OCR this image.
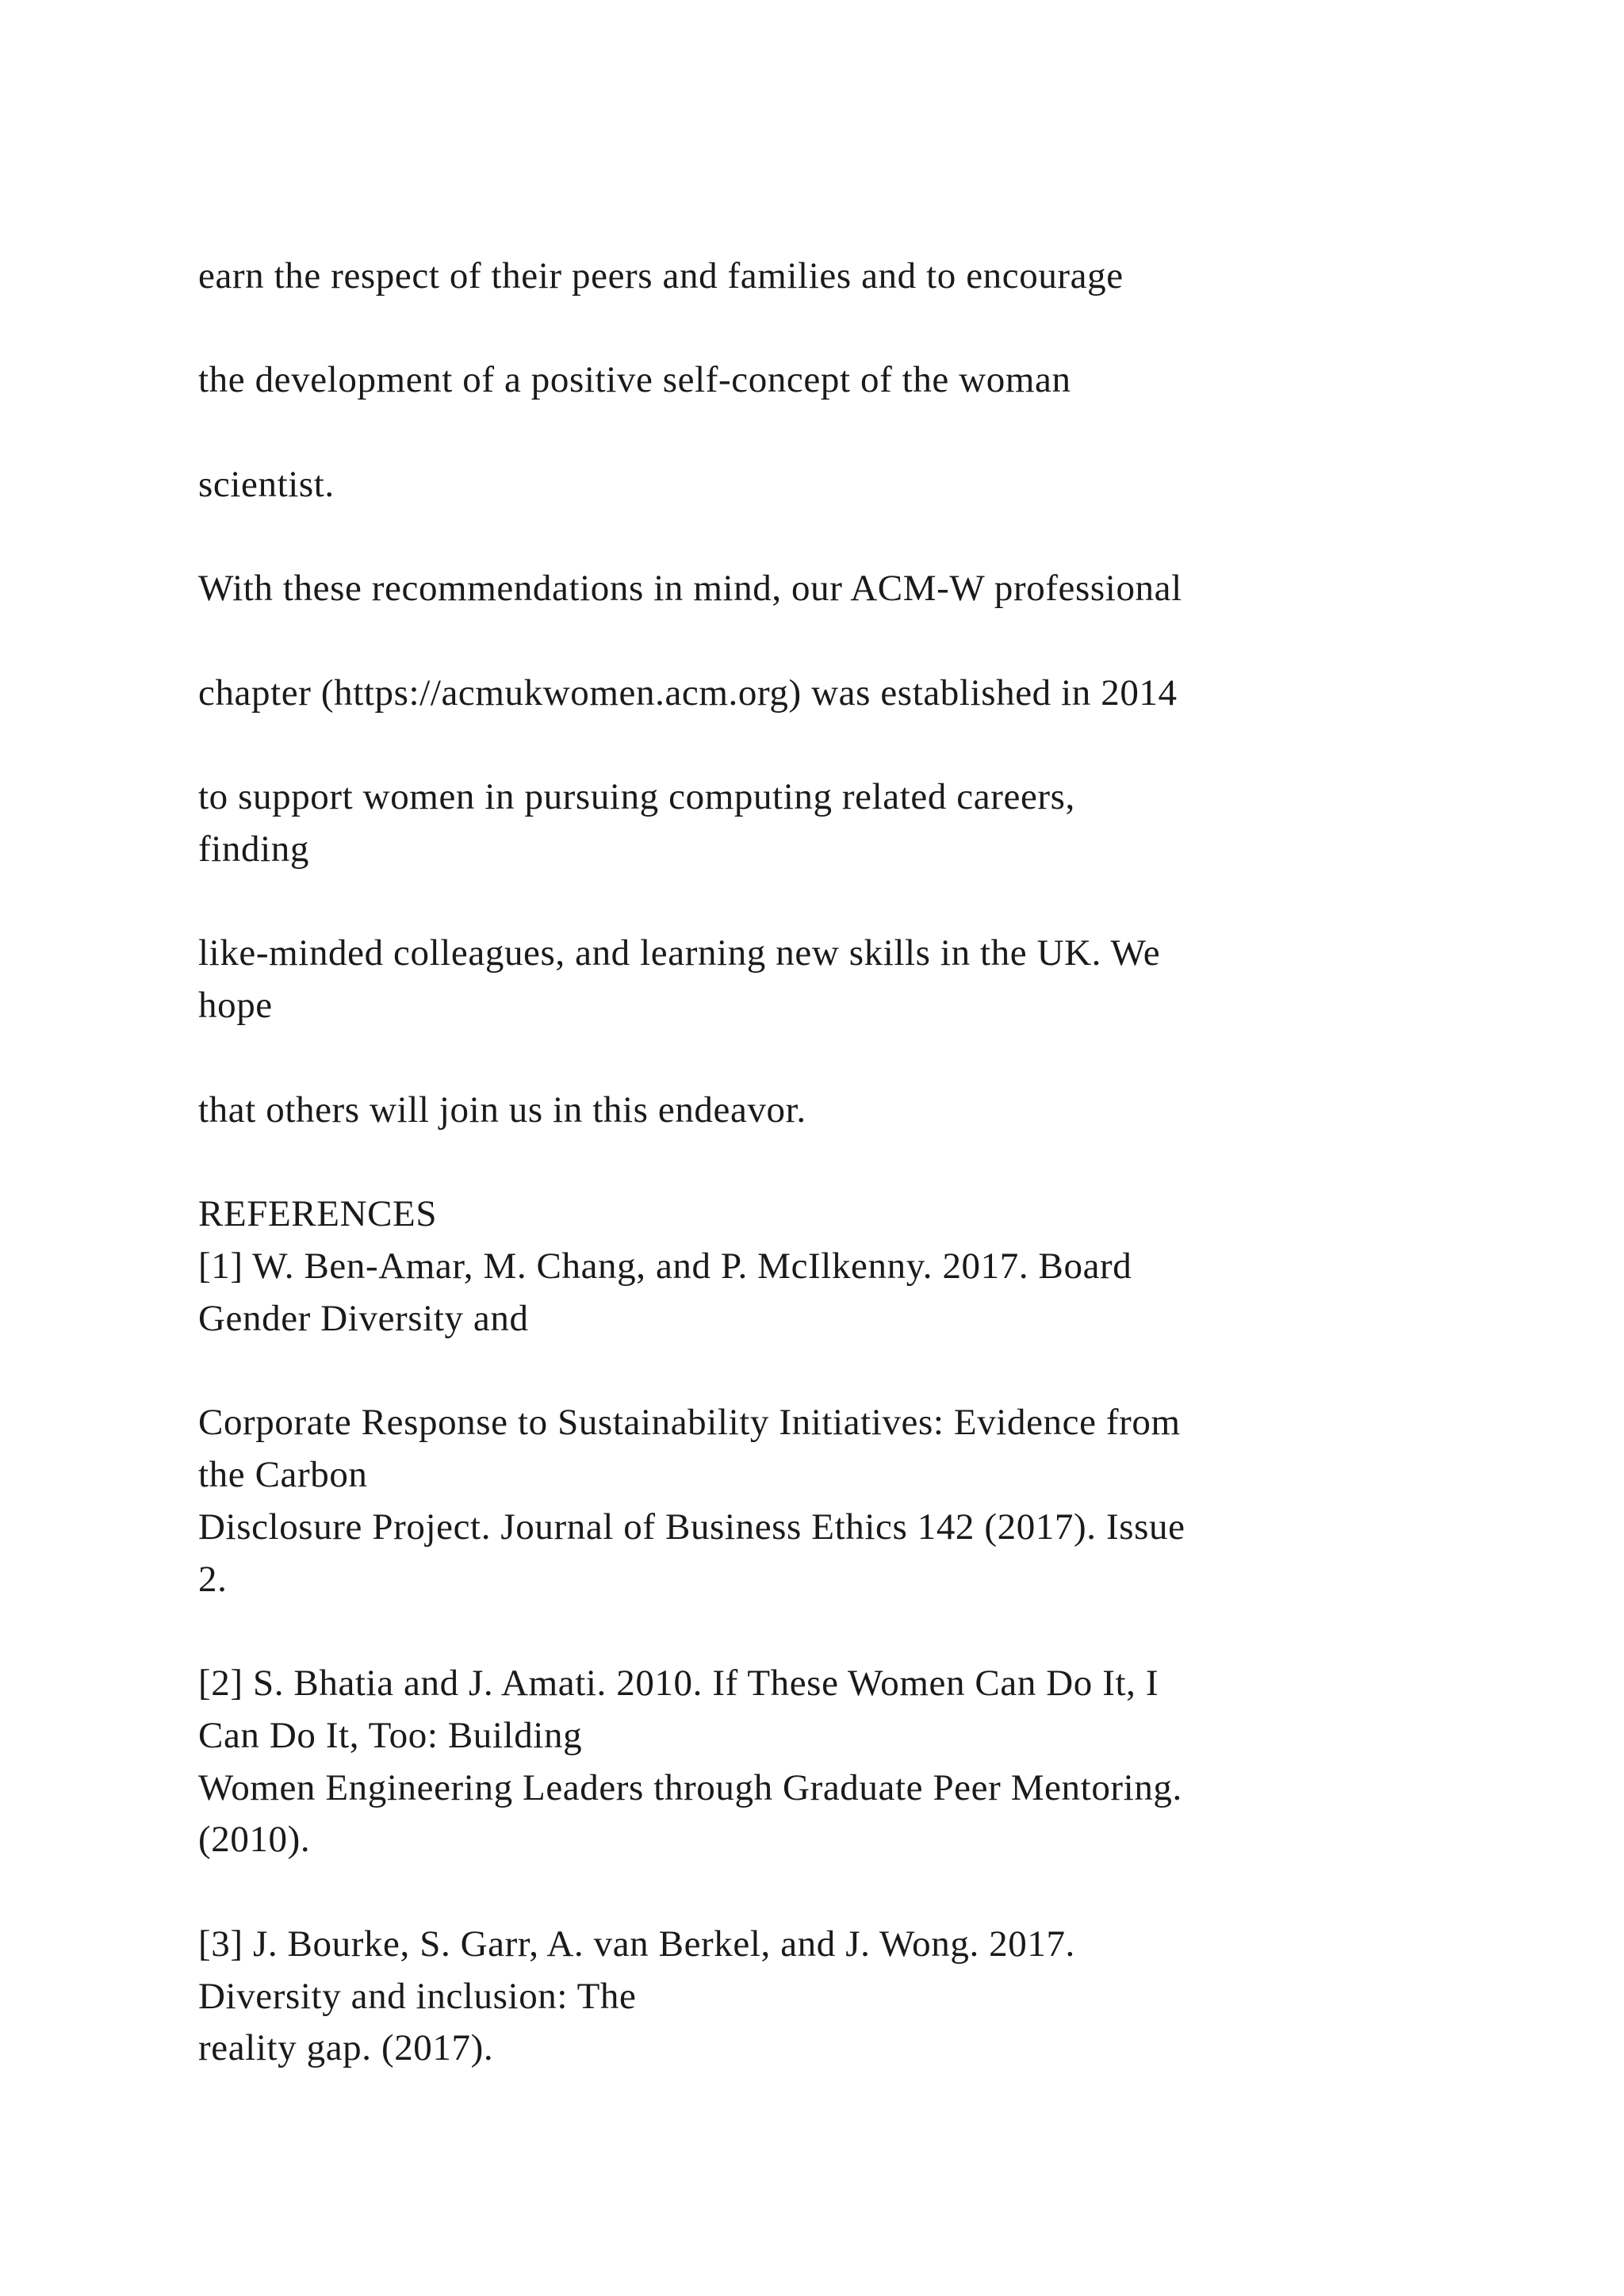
earn the respect of their peers and families and to encourage

the development of a positive self-concept of the woman

scientist.

With these recommendations in mind, our ACM-W professional

chapter (https://acmukwomen.acm.org) was established in 2014

to support women in pursuing computing related careers,

finding

like-minded colleagues, and learning new skills in the UK. We

hope

that others will join us in this endeavor.

REFERENCES

[1] W. Ben-Amar, M. Chang, and P. McIlkenny. 2017. Board

Gender Diversity and

Corporate Response to Sustainability Initiatives: Evidence from

the Carbon

Disclosure Project. Journal of Business Ethics 142 (2017). Issue

2.

[2] S. Bhatia and J. Amati. 2010. If These Women Can Do It, I

Can Do It, Too: Building

Women Engineering Leaders through Graduate Peer Mentoring.

(2010).

[3] J. Bourke, S. Garr, A. van Berkel, and J. Wong. 2017.

Diversity and inclusion: The

reality gap. (2017).
